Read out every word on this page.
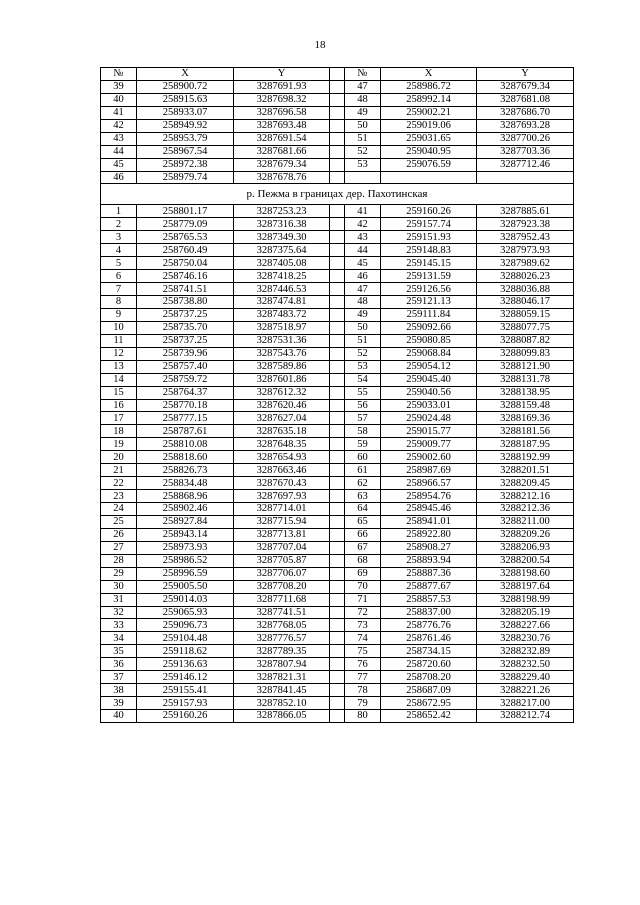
18
№	X	Y		№	X	Y
39	258900.72	3287691.93		47	258986.72	3287679.34
40	258915.63	3287698.32		48	258992.14	3287681.08
41	258933.07	3287696.58		49	259002.21	3287686.70
42	258949.92	3287693.48		50	259019.06	3287693.28
43	258953.79	3287691.54		51	259031.65	3287700.26
44	258967.54	3287681.66		52	259040.95	3287703.36
45	258972.38	3287679.34		53	259076.59	3287712.46
46	258979.74	3287678.76				
р. Пежма в границах дер. Пахотинская						
1	258801.17	3287253.23		41	259160.26	3287885.61
2	258779.09	3287316.38		42	259157.74	3287923.38
3	258765.53	3287349.30		43	259151.93	3287952.43
4	258760.49	3287375.64		44	259148.83	3287973.93
5	258750.04	3287405.08		45	259145.15	3287989.62
6	258746.16	3287418.25		46	259131.59	3288026.23
7	258741.51	3287446.53		47	259126.56	3288036.88
8	258738.80	3287474.81		48	259121.13	3288046.17
9	258737.25	3287483.72		49	259111.84	3288059.15
10	258735.70	3287518.97		50	259092.66	3288077.75
11	258737.25	3287531.36		51	259080.85	3288087.82
12	258739.96	3287543.76		52	259068.84	3288099.83
13	258757.40	3287589.86		53	259054.12	3288121.90
14	258759.72	3287601.86		54	259045.40	3288131.78
15	258764.37	3287612.32		55	259040.56	3288138.95
16	258770.18	3287620.46		56	259033.01	3288159.48
17	258777.15	3287627.04		57	259024.48	3288169.36
18	258787.61	3287635.18		58	259015.77	3288181.56
19	258810.08	3287648.35		59	259009.77	3288187.95
20	258818.60	3287654.93		60	259002.60	3288192.99
21	258826.73	3287663.46		61	258987.69	3288201.51
22	258834.48	3287670.43		62	258966.57	3288209.45
23	258868.96	3287697.93		63	258954.76	3288212.16
24	258902.46	3287714.01		64	258945.46	3288212.36
25	258927.84	3287715.94		65	258941.01	3288211.00
26	258943.14	3287713.81		66	258922.80	3288209.26
27	258973.93	3287707.04		67	258908.27	3288206.93
28	258986.52	3287705.87		68	258893.94	3288200.54
29	258996.59	3287706.07		69	258887.36	3288198.60
30	259005.50	3287708.20		70	258877.67	3288197.64
31	259014.03	3287711.68		71	258857.53	3288198.99
32	259065.93	3287741.51		72	258837.00	3288205.19
33	259096.73	3287768.05		73	258776.76	3288227.66
34	259104.48	3287776.57		74	258761.46	3288230.76
35	259118.62	3287789.35		75	258734.15	3288232.89
36	259136.63	3287807.94		76	258720.60	3288232.50
37	259146.12	3287821.31		77	258708.20	3288229.40
38	259155.41	3287841.45		78	258687.09	3288221.26
39	259157.93	3287852.10		79	258672.95	3288217.00
40	259160.26	3287866.05		80	258652.42	3288212.74
